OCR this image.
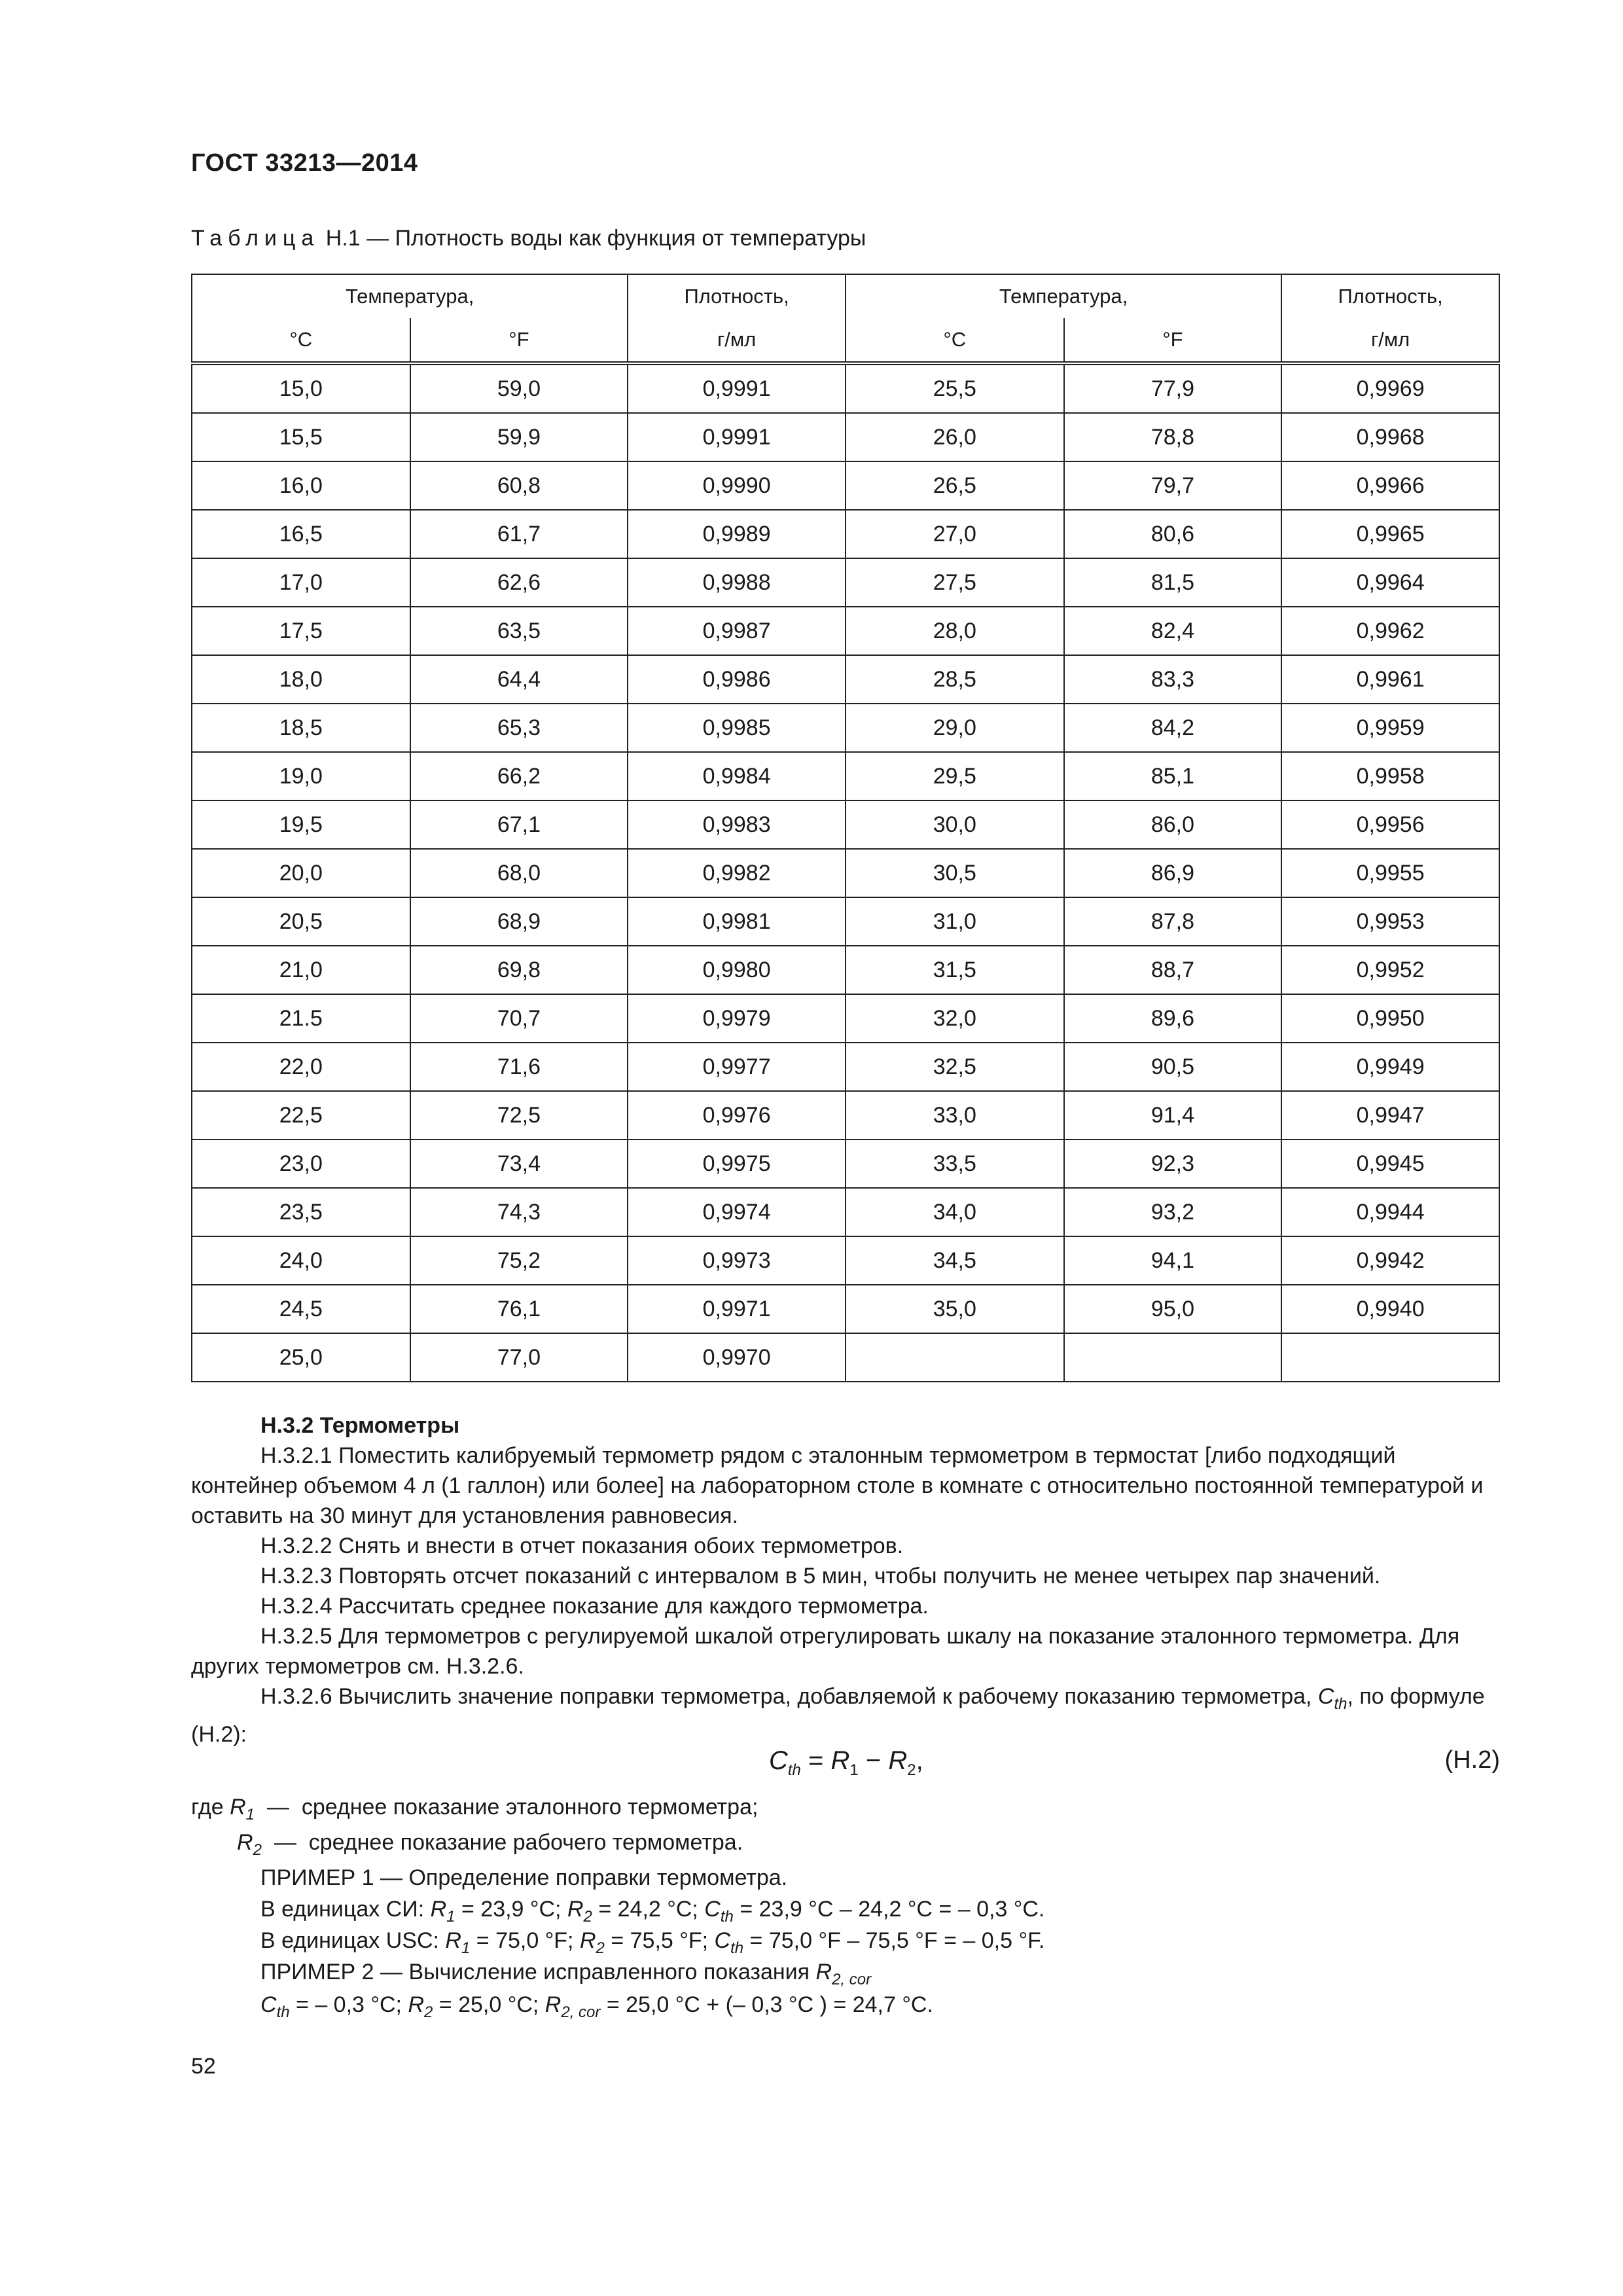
ГОСТ 33213—2014
Таблица Н.1 — Плотность воды как функция от температуры
Температура,		Плотность,	Температура,		Плотность,
°C	°F	г/мл	°C	°F	г/мл
15,0	59,0	0,9991	25,5	77,9	0,9969
15,5	59,9	0,9991	26,0	78,8	0,9968
16,0	60,8	0,9990	26,5	79,7	0,9966
16,5	61,7	0,9989	27,0	80,6	0,9965
17,0	62,6	0,9988	27,5	81,5	0,9964
17,5	63,5	0,9987	28,0	82,4	0,9962
18,0	64,4	0,9986	28,5	83,3	0,9961
18,5	65,3	0,9985	29,0	84,2	0,9959
19,0	66,2	0,9984	29,5	85,1	0,9958
19,5	67,1	0,9983	30,0	86,0	0,9956
20,0	68,0	0,9982	30,5	86,9	0,9955
20,5	68,9	0,9981	31,0	87,8	0,9953
21,0	69,8	0,9980	31,5	88,7	0,9952
21.5	70,7	0,9979	32,0	89,6	0,9950
22,0	71,6	0,9977	32,5	90,5	0,9949
22,5	72,5	0,9976	33,0	91,4	0,9947
23,0	73,4	0,9975	33,5	92,3	0,9945
23,5	74,3	0,9974	34,0	93,2	0,9944
24,0	75,2	0,9973	34,5	94,1	0,9942
24,5	76,1	0,9971	35,0	95,0	0,9940
25,0	77,0	0,9970			

Н.3.2 Термометры

Н.3.2.1 Поместить калибруемый термометр рядом с эталонным термометром в термостат [либо подходящий контейнер объемом 4 л (1 галлон) или более] на лабораторном столе в комнате с относительно постоянной температурой и оставить на 30 минут для установления равновесия.

Н.3.2.2 Снять и внести в отчет показания обоих термометров.

Н.3.2.3 Повторять отсчет показаний с интервалом в 5 мин, чтобы получить не менее четырех пар значений.

Н.3.2.4 Рассчитать среднее показание для каждого термометра.

Н.3.2.5 Для термометров с регулируемой шкалой отрегулировать шкалу на показание эталонного термометра. Для других термометров см. Н.3.2.6.

Н.3.2.6 Вычислить значение поправки термометра, добавляемой к рабочему показанию термометра, $C_{th}$, по формуле (Н.2):

$C_{th} = R_1 - R_2$,	(Н.2)
где $R_1$ — среднее показание эталонного термометра;
$R_2$ — среднее показание рабочего термометра.
ПРИМЕР 1 — Определение поправки термометра.
В единицах СИ: $R_1 = 23,9$ °C; $R_2 = 24,2$ °C; $C_{th} = 23,9$ °C – 24,2 °C = – 0,3 °C.
В единицах USC: $R_1 = 75,0$ °F; $R_2 = 75,5$ °F; $C_{th} = 75,0$ °F – 75,5 °F = – 0,5 °F.
ПРИМЕР 2 — Вычисление исправленного показания $R_{2, cor}$
$C_{th}$ = – 0,3 °C; $R_2 = 25,0$ °C; $R_{2, cor} = 25,0$ °C + (– 0,3 °C ) = 24,7 °C.
52
